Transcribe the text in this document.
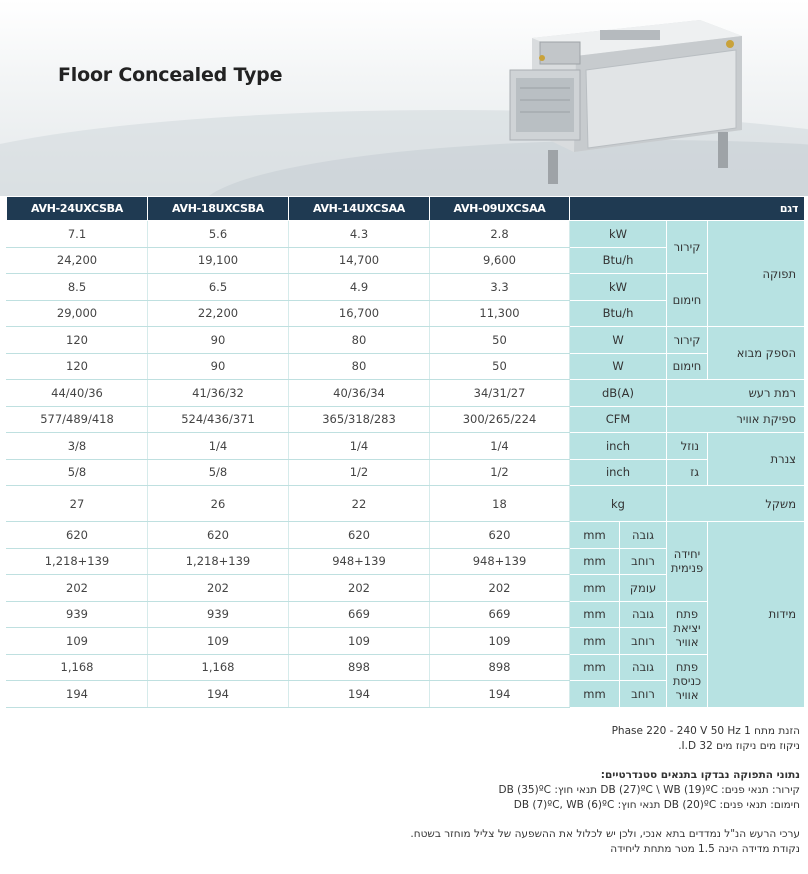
Floor Concealed Type
AVH-24UXCSBA	AVH-18UXCSBA	AVH-14UXCSAA	AVH-09UXCSAA	דגם			
7.1	5.6	4.3	2.8	kW		קירור	תפוקה
24,200	19,100	14,700	9,600	Btu/h			
8.5	6.5	4.9	3.3	kW		חימום	
29,000	22,200	16,700	11,300	Btu/h			
120	90	80	50	W		קירור	הספק מבוא
120	90	80	50	W		חימום	
44/40/36	41/36/32	40/36/34	34/31/27	dB(A)		רמת רעש	
577/489/418	524/436/371	365/318/283	300/265/224	CFM		ספיקת אוויר	
3/8	1/4	1/4	1/4	inch		נוזל	צנרת
5/8	5/8	1/2	1/2	inch		גז	
27	26	22	18	kg		משקל	
620	620	620	620	mm	גובה	יחידה פנימית	מידות
1,218+139	1,218+139	948+139	948+139	mm	רוחב		
202	202	202	202	mm	עומק		
939	939	669	669	mm	גובה	פתח יציאת אוויר	
109	109	109	109	mm	רוחב		
1,168	1,168	898	898	mm	גובה	פתח כניסת אוויר	
194	194	194	194	mm	רוחב		
הזנת מתח 1 Phase 220 - 240 V 50 Hz
ניקוז מים ניקוז מים I.D 32.
נתוני התפוקה נבדקו בתנאים סטנדרטיים:
קירור: תנאי פנים: DB (27)ºC \ WB (19)ºC תנאי חוץ: DB (35)ºC
חימום: תנאי פנים: DB (20)ºC תנאי חוץ: DB (7)ºC, WB (6)ºC
ערכי הרעש הנ"ל נמדדים בתא אנכי, ולכן יש לכלול את ההשפעה של צליל מוחזר בשטח.
נקודת מדידה הינה 1.5 מטר מתחת ליחידה
